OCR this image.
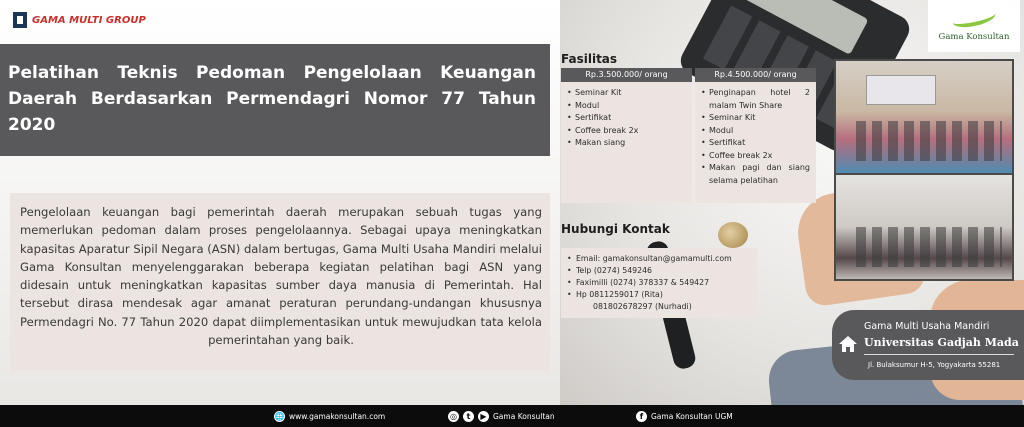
GAMA MULTI GROUP
Gama Konsultan
Pelatihan Teknis Pedoman Pengelolaan Keuangan Daerah Berdasarkan Permendagri Nomor 77 Tahun 2020

Pengelolaan keuangan bagi pemerintah daerah merupakan sebuah tugas yang memerlukan pedoman dalam proses pengelolaannya. Sebagai upaya meningkatkan kapasitas Aparatur Sipil Negara (ASN) dalam bertugas, Gama Multi Usaha Mandiri melalui Gama Konsultan menyelenggarakan beberapa kegiatan pelatihan bagi ASN yang didesain untuk meningkatkan kapasitas sumber daya manusia di Pemerintah. Hal tersebut dirasa mendesak agar amanat peraturan perundang-undangan khususnya Permendagri No. 77 Tahun 2020 dapat diimplementasikan untuk mewujudkan tata kelola pemerintahan yang baik.

Fasilitas
Rp.3.500.000/ orang
• Seminar Kit
• Modul
• Sertifikat
• Coffee break 2x
• Makan siang
Rp.4.500.000/ orang
• Penginapan hotel 2 malam Twin Share
• Seminar Kit
• Modul
• Sertifikat
• Coffee break 2x
• Makan pagi dan siang selama pelatihan
Hubungi Kontak
• Email: gamakonsultan@gamamulti.com
• Telp (0274) 549246
• Faximilli (0274) 378337 & 549427
• Hp 0811259017 (Rita)
081802678297 (Nurhadi)
Gama Multi Usaha Mandiri
Universitas Gadjah Mada
Jl. Bulaksumur H-5, Yogyakarta 55281
🌐 www.gamakonsultan.com	◎	t	▶ Gama Konsultan	f	Gama Konsultan UGM
